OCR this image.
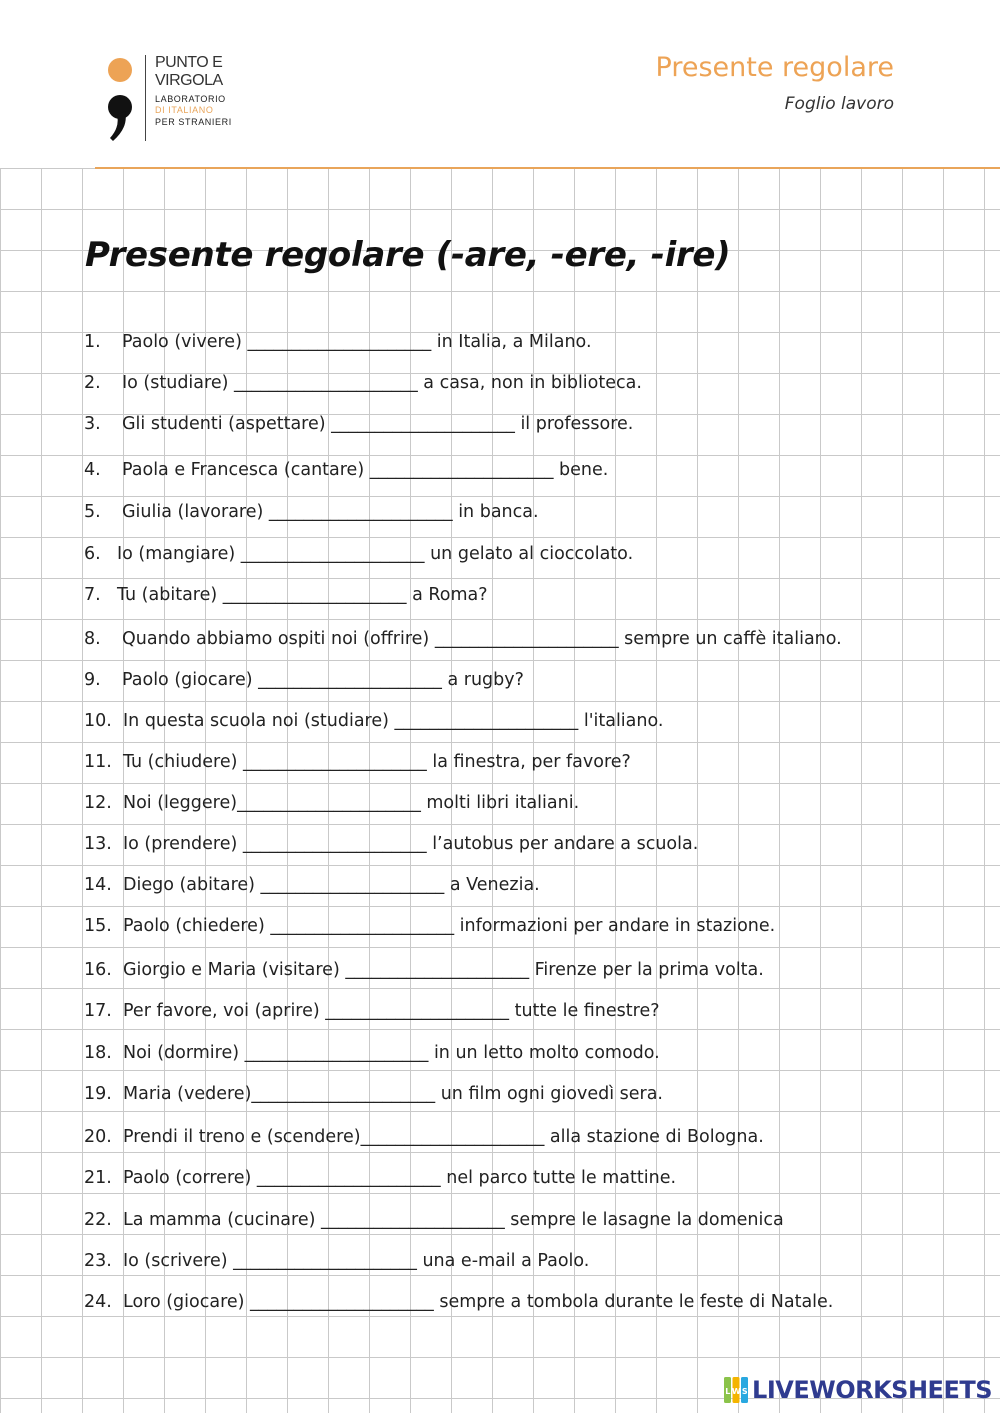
PUNTO E
VIRGOLA
LABORATORIO
DI ITALIANO
PER STRANIERI
Presente regolare
Foglio lavoro
Presente regolare (-are, -ere, -ire)
1. Paolo (vivere) _____________________ in Italia, a Milano.
2. Io (studiare) _____________________ a casa, non in biblioteca.
3. Gli studenti (aspettare) _____________________ il professore.
4. Paola e Francesca (cantare) _____________________ bene.
5. Giulia (lavorare) _____________________ in banca.
6. Io (mangiare) _____________________ un gelato al cioccolato.
7. Tu (abitare) _____________________ a Roma?
8. Quando abbiamo ospiti noi (offrire) _____________________ sempre un caffè italiano.
9. Paolo (giocare) _____________________ a rugby?
10. In questa scuola noi (studiare) _____________________ l'italiano.
11. Tu (chiudere) _____________________ la finestra, per favore?
12. Noi (leggere)_____________________ molti libri italiani.
13. Io (prendere) _____________________ l’autobus per andare a scuola.
14. Diego (abitare) _____________________ a Venezia.
15. Paolo (chiedere) _____________________ informazioni per andare in stazione.
16. Giorgio e Maria (visitare) _____________________ Firenze per la prima volta.
17. Per favore, voi (aprire) _____________________ tutte le finestre?
18. Noi (dormire) _____________________ in un letto molto comodo.
19. Maria (vedere)_____________________ un film ogni giovedì sera.
20. Prendi il treno e (scendere)_____________________ alla stazione di Bologna.
21. Paolo (correre) _____________________ nel parco tutte le mattine.
22. La mamma (cucinare) _____________________ sempre le lasagne la domenica
23. Io (scrivere) _____________________ una e-mail a Paolo.
24. Loro (giocare) _____________________ sempre a tombola durante le feste di Natale.
L W S LIVEWORKSHEETS
